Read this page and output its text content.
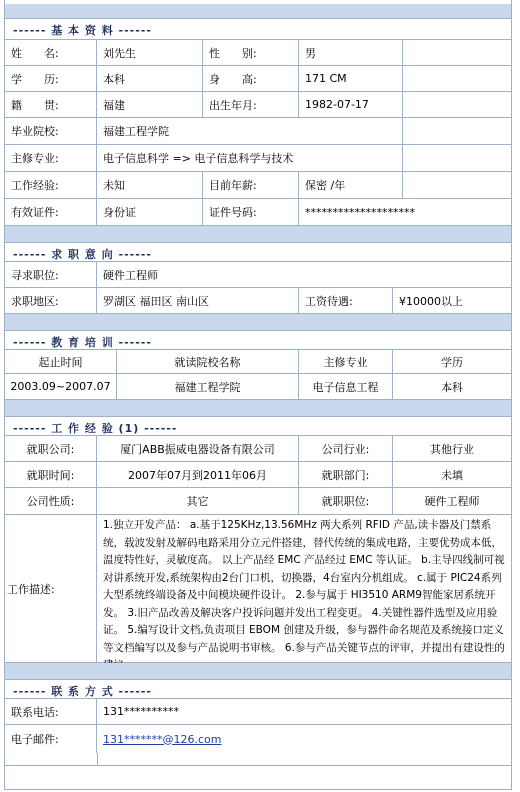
------ 基 本 资 料 ------
姓　　名:	刘先生	性　　别:	男
学　　历:	本科	身　　高:	171 CM
籍　　贯:	福建	出生年月:	1982-07-17
毕业院校:	福建工程学院
主修专业:	电子信息科学 => 电子信息科学与技术
工作经验:	未知	目前年薪:	保密 /年
有效证件:	身份证	证件号码:	********************
------ 求 职 意 向 ------
寻求职位:	硬件工程师
求职地区:	罗湖区 福田区 南山区	工资待遇:	¥10000以上
------ 教 育 培 训 ------
起止时间	就读院校名称	主修专业	学历
2003.09~2007.07	福建工程学院	电子信息工程	本科
------ 工 作 经 验 (1) ------
就职公司:	厦门ABB振威电器设备有限公司	公司行业:	其他行业
就职时间:	2007年07月到2011年06月	就职部门:	未填
公司性质:	其它	就职职位:	硬件工程师
工作描述:
1.独立开发产品： a.基于125KHz,13.56MHz 两大系列 RFID 产品,读卡器及门禁系统，载波发射及解码电路采用分立元件搭建，替代传统的集成电路，主要优势成本低，温度特性好，灵敏度高。 以上产品经 EMC 产品经过 EMC 等认证。 b.主导四线制可视对讲系统开发,系统架构由2台门口机，切换器，4台室内分机组成。 c.属于 PIC24系列大型系统终端设备及中间模块硬件设计。 2.参与属于 HI3510 ARM9智能家居系统开发。 3.旧产品改善及解决客户投诉问题并发出工程变更。 4.关键性器件选型及应用验证。 5.编写设计文档,负责项目 EBOM 创建及升级，参与器件命名规范及系统接口定义等文档编写以及参与产品说明书审核。 6.参与产品关键节点的评审，并提出有建设性的
------ 联 系 方 式 ------
联系电话:	131**********
电子邮件:	131*******@126.com
